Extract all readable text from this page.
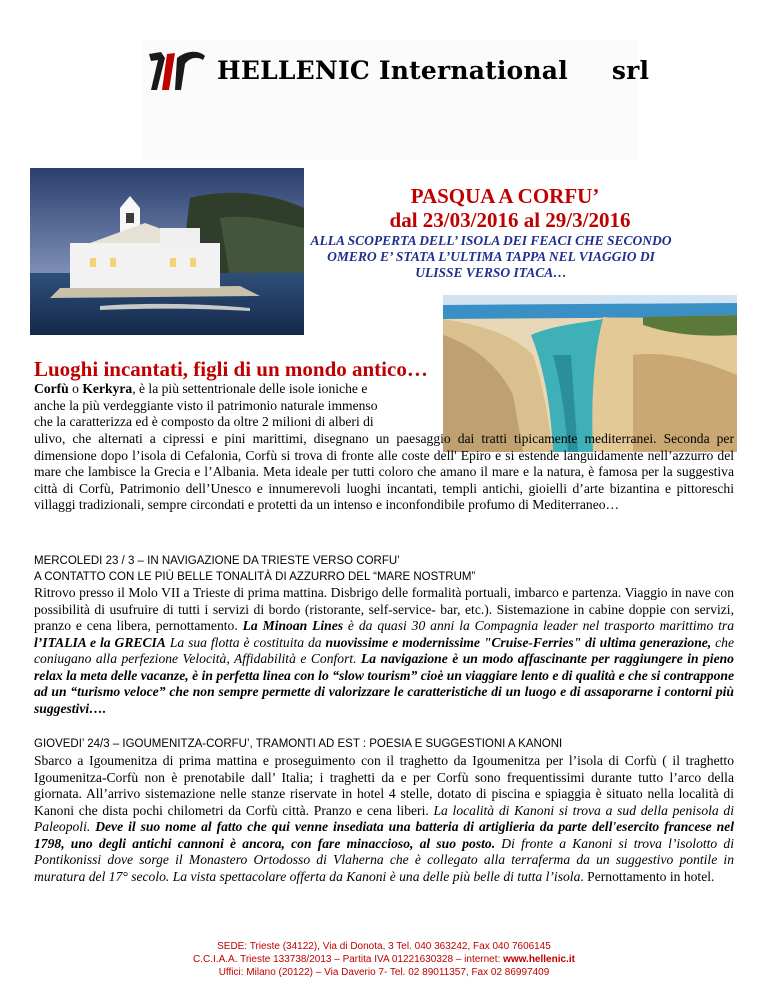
HELLENIC International srl
PASQUA A CORFU’
dal 23/03/2016 al 29/3/2016
ALLA SCOPERTA DELL’ ISOLA DEI FEACI CHE SECONDO
OMERO E’ STATA L’ULTIMA TAPPA NEL VIAGGIO DI
ULISSE VERSO ITACA…
Luoghi incantati, figli di un mondo antico…
Corfù o Kerkyra, è la più settentrionale delle isole ioniche e
anche la più verdeggiante visto il patrimonio naturale immenso
che la caratterizza ed è composto da oltre 2 milioni di alberi di
ulivo, che alternati a cipressi e pini marittimi, disegnano un paesaggio dai tratti tipicamente mediterranei. Seconda per dimensione dopo l’isola di Cefalonia, Corfù si trova di fronte alle coste dell' Epiro e si estende languidamente nell’azzurro del mare che lambisce la Grecia e l’Albania. Meta ideale per tutti coloro che amano il mare e la natura, è famosa per la suggestiva città di Corfù, Patrimonio dell’Unesco e innumerevoli luoghi incantati, templi antichi, gioielli d’arte bizantina e pittoreschi villaggi tradizionali, sempre circondati e protetti da un intenso e inconfondibile profumo di Mediterraneo…
MERCOLEDI 23 / 3 – IN NAVIGAZIONE DA TRIESTE VERSO CORFU’
A CONTATTO CON LE PIÙ BELLE TONALITÀ DI AZZURRO DEL “MARE NOSTRUM”
Ritrovo presso il Molo VII a Trieste di prima mattina. Disbrigo delle formalità portuali, imbarco e partenza. Viaggio in nave con possibilità di usufruire di tutti i servizi di bordo (ristorante, self-service- bar, etc.). Sistemazione in cabine doppie con servizi, pranzo e cena libera, pernottamento. La Minoan Lines è da quasi 30 anni la Compagnia leader nel trasporto marittimo tra l’ITALIA e la GRECIA La sua flotta è costituita da nuovissime e modernissime "Cruise-Ferries" di ultima generazione, che coniugano alla perfezione Velocità, Affidabilità e Confort. La navigazione è un modo affascinante per raggiungere in pieno relax la meta delle vacanze, è in perfetta linea con lo “slow tourism” cioè un viaggiare lento e di qualità e che si contrappone ad un “turismo veloce” che non sempre permette di valorizzare le caratteristiche di un luogo e di assaporarne i contorni più suggestivi….
GIOVEDI’ 24/3 – IGOUMENITZA-CORFU’, TRAMONTI AD EST : POESIA E SUGGESTIONI A KANONI
Sbarco a Igoumenitza di prima mattina e proseguimento con il traghetto da Igoumenitza per l’isola di Corfù ( il traghetto Igoumenitza-Corfù non è prenotabile dall’ Italia; i traghetti da e per Corfù sono frequentissimi durante tutto l’arco della giornata. All’arrivo sistemazione nelle stanze riservate in hotel 4 stelle, dotato di piscina e spiaggia è situato nella località di Kanoni che dista pochi chilometri da Corfù città. Pranzo e cena liberi. La località di Kanoni si trova a sud della penisola di Paleopoli. Deve il suo nome al fatto che qui venne insediata una batteria di artiglieria da parte dell'esercito francese nel 1798, uno degli antichi cannoni è ancora, con fare minaccioso, al suo posto. Di fronte a Kanoni si trova l’isolotto di Pontikonissi dove sorge il Monastero Ortodosso di Vlaherna che è collegato alla terraferma da un suggestivo pontile in muratura del 17° secolo. La vista spettacolare offerta da Kanoni è una delle più belle di tutta l’isola. Pernottamento in hotel.
SEDE: Trieste (34122), Via di Donota, 3 Tel. 040 363242, Fax 040 7606145
C.C.I.A.A. Trieste 133738/2013 – Partita IVA 01221630328 – internet: www.hellenic.it
Uffici: Milano (20122) – Via Daverio 7- Tel. 02 89011357, Fax 02 86997409
